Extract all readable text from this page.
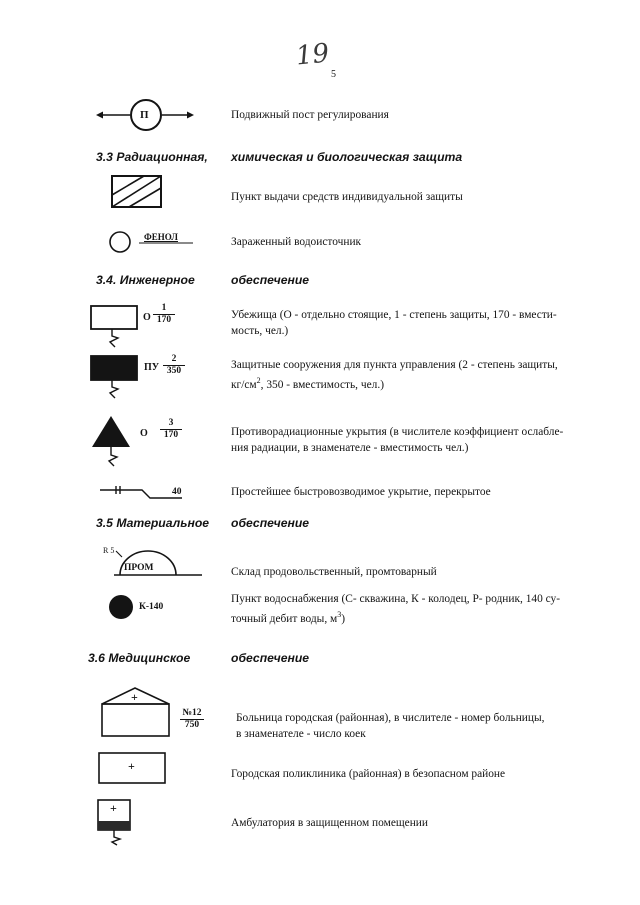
19
5
П	Подвижный пост регулирования
3.3 Радиационная, химическая и биологическая защита
Пункт выдачи средств индивидуальной защиты
ФЕНОЛ	Зараженный водоисточник
3.4. Инженерное	обеспечение
О $\frac{1}{170}$	Убежища (О - отдельно стоящие, 1 - степень защиты, 170 - вмести-
мость, чел.)
ПУ $\frac{2}{350}$	Защитные сооружения для пункта управления (2 - степень защиты,
$кг/см^2$, 350 - вместимость, чел.)
О $\frac{3}{170}$	Противорадиационные укрытия (в числителе коэффициент ослабле-
ния радиации, в знаменателе - вместимость чел.)
40	Простейшее быстровозводимое укрытие, перекрытое
3.5 Материальное обеспечение
R 5
ПРОМ	Склад продовольственный, промтоварный
К-140
Пункт водоснабжения (С- скважина, К - колодец, Р- родник, 140 су-
точный дебит воды, $м^3$)
3.6 Медицинское	обеспечение
+
$\frac{№12}{750}$	Больница городская (районная), в числителе - номер больницы,
в знаменателе - число коек
+
Городская поликлиника (районная) в безопасном районе
+
Амбулатория в защищенном помещении
